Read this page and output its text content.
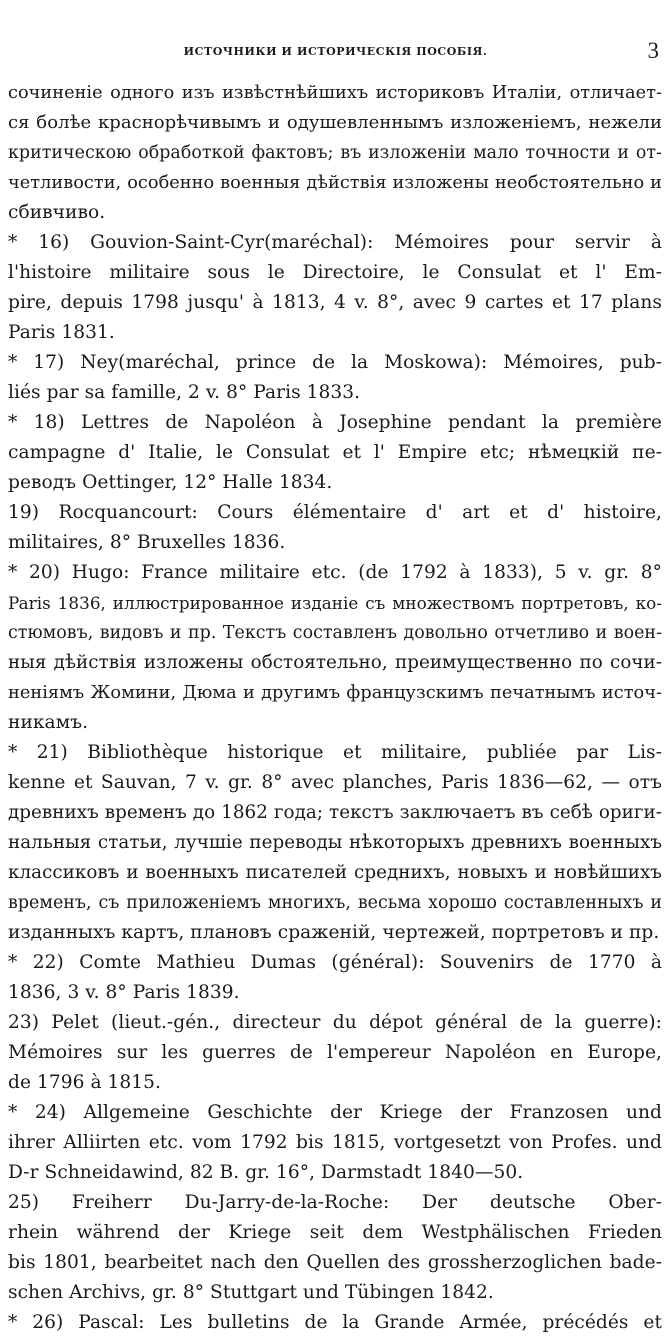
ИСТОЧНИКИ И ИСТОРИЧЕСКІЯ ПОСОБІЯ.	3
сочиненіе одного изъ извѣстнѣйшихъ историковъ Италіи, отличает-
ся болѣе краснорѣчивымъ и одушевленнымъ изложеніемъ, нежели
критическою обработкой фактовъ; въ изложеніи мало точности и от-
четливости, особенно военныя дѣйствія изложены необстоятельно и
сбивчиво.
* 16) Gouvion-Saint-Cyr(maréchal): Mémoires pour servir à
l'histoire militaire sous le Directoire, le Consulat et l' Em-
pire, depuis 1798 jusqu' à 1813, 4 v. 8°, avec 9 cartes et 17 plans
Paris 1831.
* 17) Ney(maréchal, prince de la Moskowa): Mémoires, pub-
liés par sa famille, 2 v. 8° Paris 1833.
* 18) Lettres de Napoléon à Josephine pendant la première
campagne d' Italie, le Consulat et l' Empire etc; нѣмецкій пе-
реводъ Oettinger, 12° Halle 1834.
19) Rocquancourt: Cours élémentaire d' art et d' histoire,
militaires, 8° Bruxelles 1836.
* 20) Hugo: France militaire etc. (de 1792 à 1833), 5 v. gr. 8°
Paris 1836, иллюстрированное изданіе съ множествомъ портретовъ, ко-
стюмовъ, видовъ и пр. Текстъ составленъ довольно отчетливо и воен-
ныя дѣйствія изложены обстоятельно, преимущественно по сочи-
неніямъ Жомини, Дюма и другимъ французскимъ печатнымъ источ-
никамъ.
* 21) Bibliothèque historique et militaire, publiée par Lis-
kenne et Sauvan, 7 v. gr. 8° avec planches, Paris 1836—62, — отъ
древнихъ временъ до 1862 года; текстъ заключаетъ въ себѣ ориги-
нальныя статьи, лучшіе переводы нѣкоторыхъ древнихъ военныхъ
классиковъ и военныхъ писателей среднихъ, новыхъ и новѣйшихъ
временъ, съ приложеніемъ многихъ, весьма хорошо составленныхъ и
изданныхъ картъ, плановъ сраженій, чертежей, портретовъ и пр.
* 22) Comte Mathieu Dumas (général): Souvenirs de 1770 à
1836, 3 v. 8° Paris 1839.
23) Pelet (lieut.-gén., directeur du dépot général de la guerre):
Mémoires sur les guerres de l'empereur Napoléon en Europe,
de 1796 à 1815.
* 24) Allgemeine Geschichte der Kriege der Franzosen und
ihrer Alliirten etc. vom 1792 bis 1815, vortgesetzt von Profes. und
D-r Schneidawind, 82 B. gr. 16°, Darmstadt 1840—50.
25) Freiherr Du-Jarry-de-la-Roche: Der deutsche Ober-
rhein während der Kriege seit dem Westphälischen Frieden
bis 1801, bearbeitet nach den Quellen des grossherzoglichen bade-
schen Archivs, gr. 8° Stuttgart und Tübingen 1842.
* 26) Pascal: Les bulletins de la Grande Armée, précédés et
